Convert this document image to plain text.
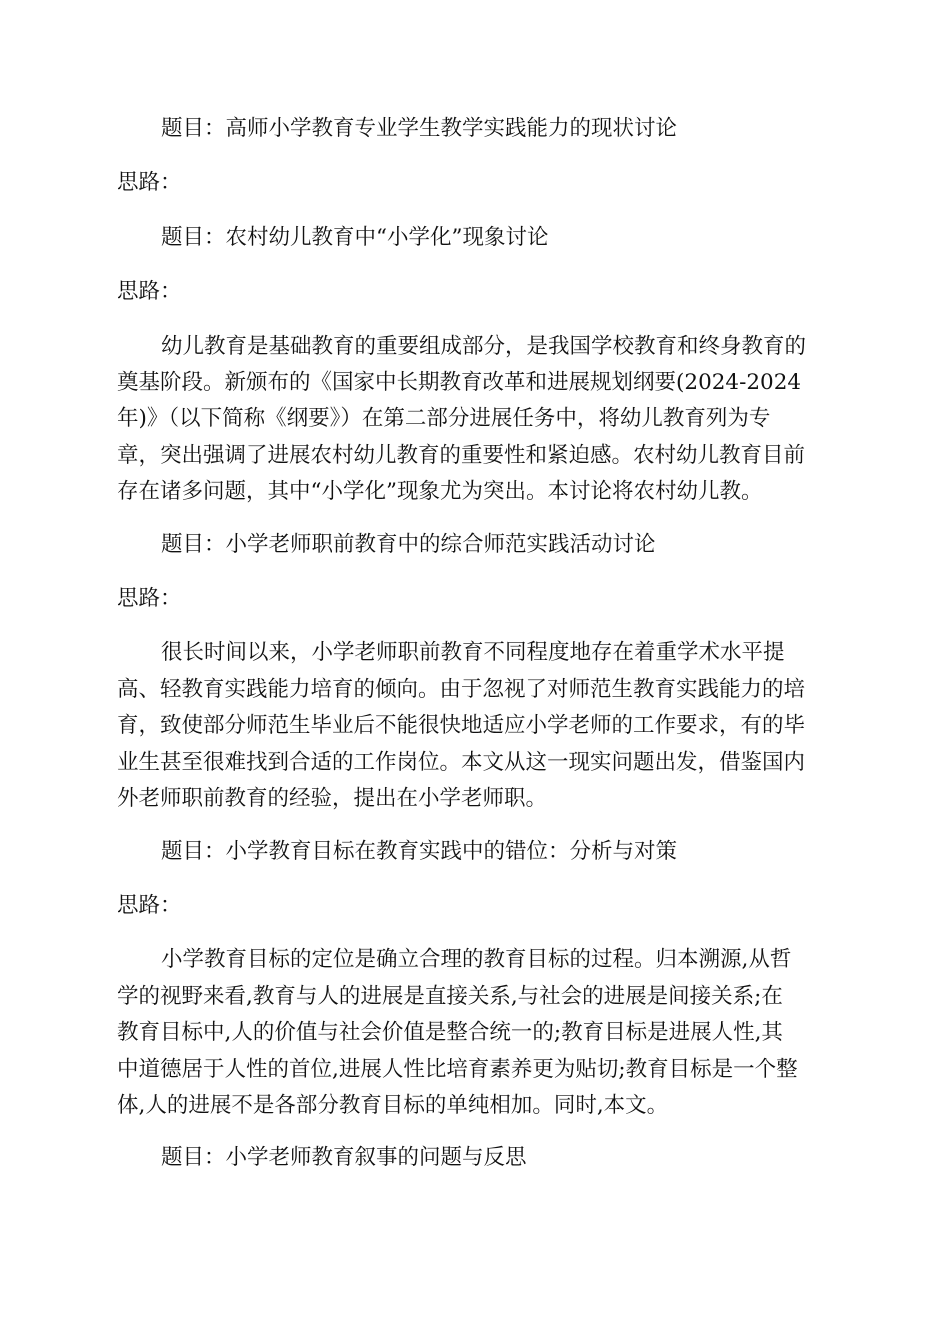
题目：高师小学教育专业学生教学实践能力的现状讨论

思路：

题目：农村幼儿教育中“小学化”现象讨论

思路：

幼儿教育是基础教育的重要组成部分，是我国学校教育和终身教育的
奠基阶段。新颁布的《国家中长期教育改革和进展规划纲要(2024-2024
年)》（以下简称《纲要》）在第二部分进展任务中，将幼儿教育列为专
章，突出强调了进展农村幼儿教育的重要性和紧迫感。农村幼儿教育目前
存在诸多问题，其中“小学化”现象尤为突出。本讨论将农村幼儿教。

题目：小学老师职前教育中的综合师范实践活动讨论

思路：

很长时间以来，小学老师职前教育不同程度地存在着重学术水平提
高、轻教育实践能力培育的倾向。由于忽视了对师范生教育实践能力的培
育，致使部分师范生毕业后不能很快地适应小学老师的工作要求，有的毕
业生甚至很难找到合适的工作岗位。本文从这一现实问题出发，借鉴国内
外老师职前教育的经验，提出在小学老师职。

题目：小学教育目标在教育实践中的错位：分析与对策

思路：

小学教育目标的定位是确立合理的教育目标的过程。归本溯源,从哲
学的视野来看,教育与人的进展是直接关系,与社会的进展是间接关系;在
教育目标中,人的价值与社会价值是整合统一的;教育目标是进展人性,其
中道德居于人性的首位,进展人性比培育素养更为贴切;教育目标是一个整
体,人的进展不是各部分教育目标的单纯相加。同时,本文。

题目：小学老师教育叙事的问题与反思
